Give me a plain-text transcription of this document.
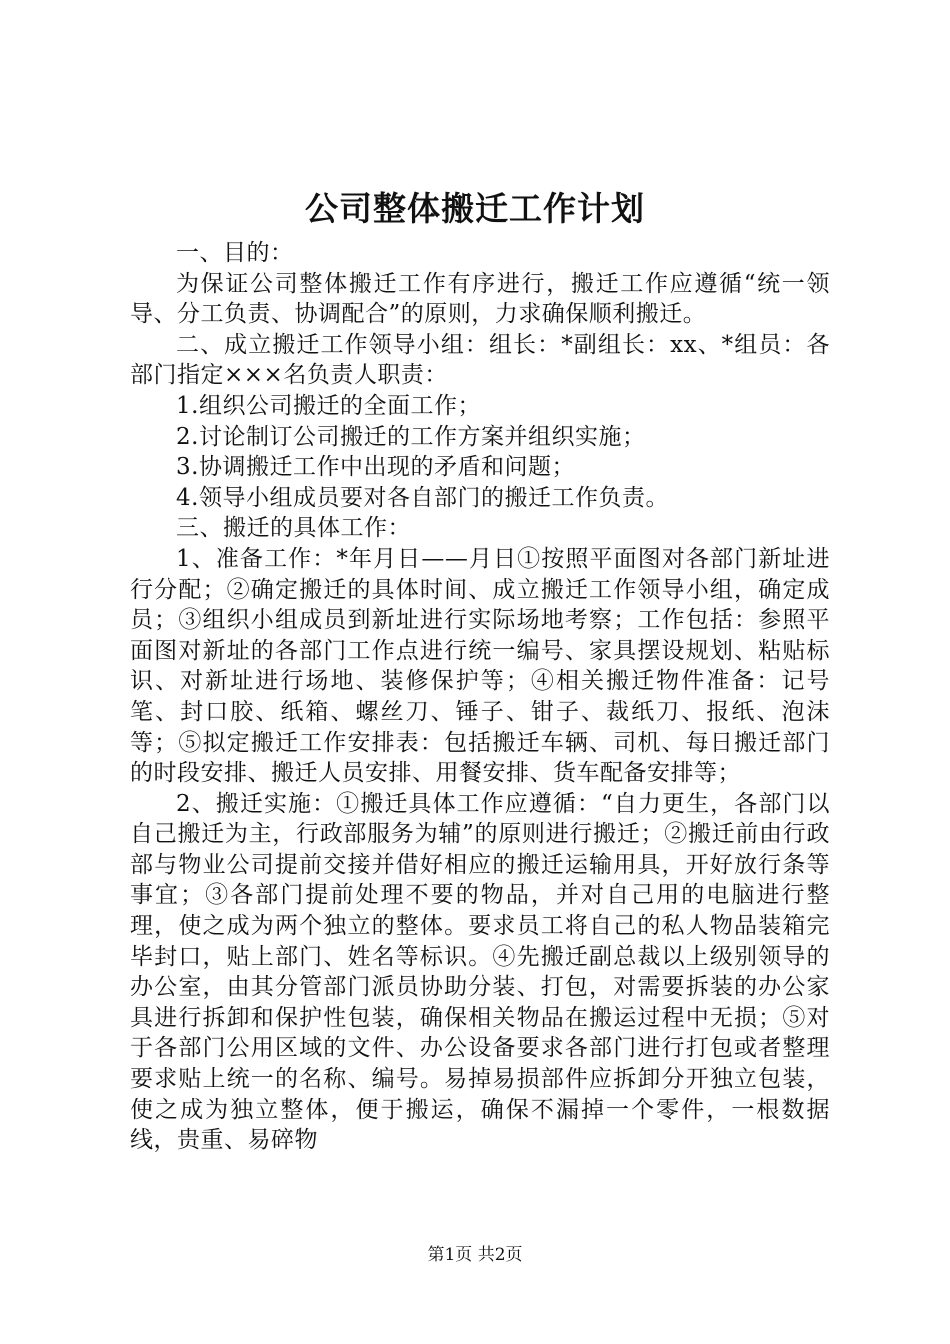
公司整体搬迁工作计划

一、目的：

为保证公司整体搬迁工作有序进行，搬迁工作应遵循“统一领导、分工负责、协调配合”的原则，力求确保顺利搬迁。

二、成立搬迁工作领导小组：组长：*副组长：xx、*组员：各部门指定×××名负责人职责：

1.组织公司搬迁的全面工作；

2.讨论制订公司搬迁的工作方案并组织实施；

3.协调搬迁工作中出现的矛盾和问题；

4.领导小组成员要对各自部门的搬迁工作负责。

三、搬迁的具体工作：

1、准备工作：*年月日——月日①按照平面图对各部门新址进行分配；②确定搬迁的具体时间、成立搬迁工作领导小组，确定成员；③组织小组成员到新址进行实际场地考察；工作包括：参照平面图对新址的各部门工作点进行统一编号、家具摆设规划、粘贴标识、对新址进行场地、装修保护等；④相关搬迁物件准备：记号笔、封口胶、纸箱、螺丝刀、锤子、钳子、裁纸刀、报纸、泡沫等；⑤拟定搬迁工作安排表：包括搬迁车辆、司机、每日搬迁部门的时段安排、搬迁人员安排、用餐安排、货车配备安排等；

2、搬迁实施：①搬迁具体工作应遵循：“自力更生，各部门以自己搬迁为主，行政部服务为辅”的原则进行搬迁；②搬迁前由行政部与物业公司提前交接并借好相应的搬迁运输用具，开好放行条等事宜；③各部门提前处理不要的物品，并对自己用的电脑进行整理，使之成为两个独立的整体。要求员工将自己的私人物品装箱完毕封口，贴上部门、姓名等标识。④先搬迁副总裁以上级别领导的办公室，由其分管部门派员协助分装、打包，对需要拆装的办公家具进行拆卸和保护性包装，确保相关物品在搬运过程中无损；⑤对于各部门公用区域的文件、办公设备要求各部门进行打包或者整理要求贴上统一的名称、编号。易掉易损部件应拆卸分开独立包装，使之成为独立整体，便于搬运，确保不漏掉一个零件，一根数据线，贵重、易碎物

第1页 共2页
